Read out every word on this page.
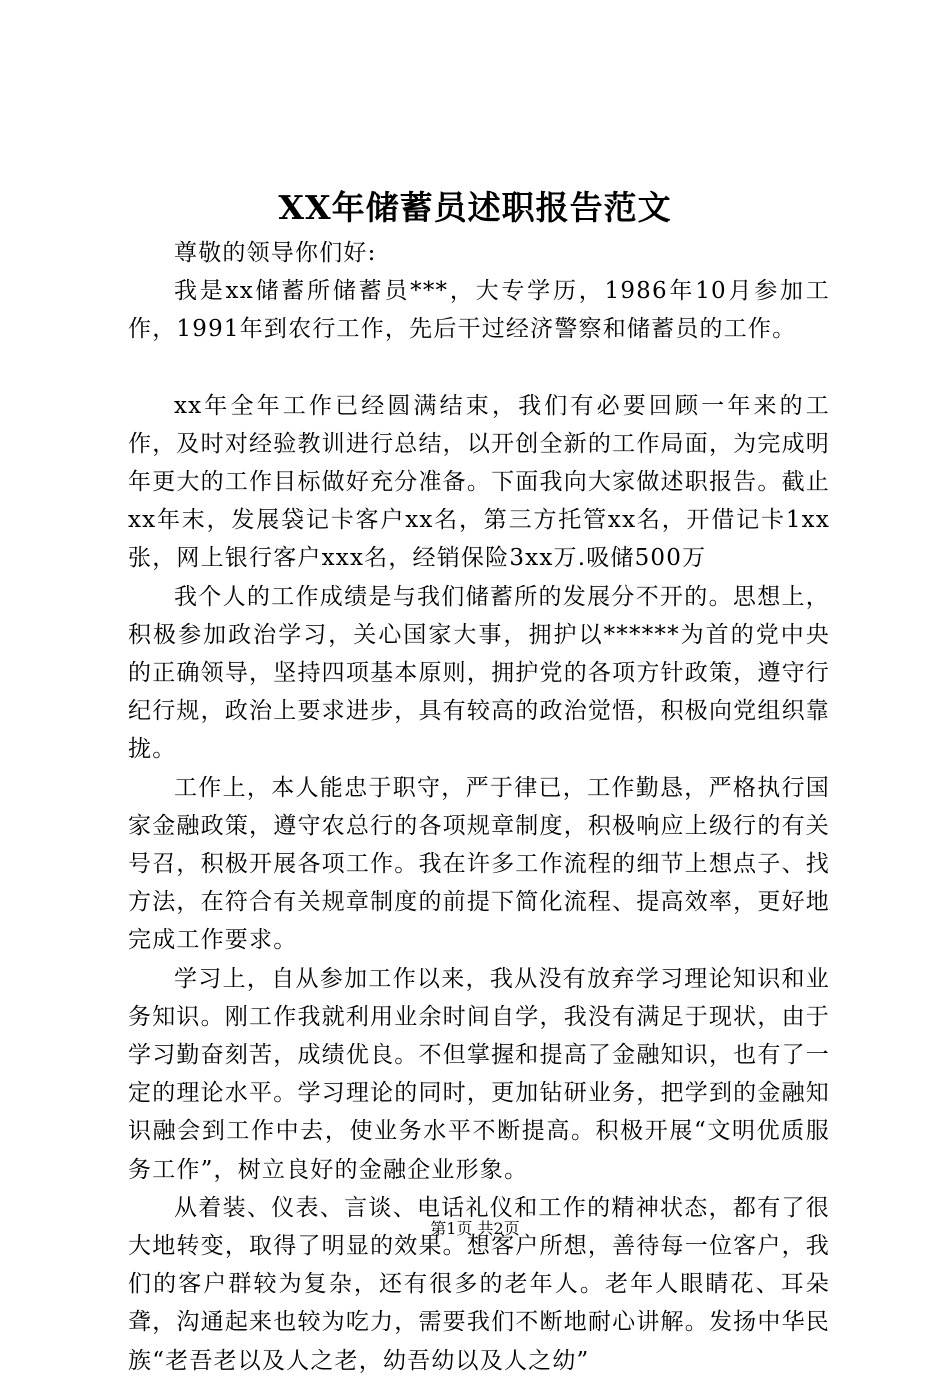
XX年储蓄员述职报告范文

尊敬的领导你们好:

我是xx储蓄所储蓄员***，大专学历，1986年10月参加工作，1991年到农行工作，先后干过经济警察和储蓄员的工作。

xx年全年工作已经圆满结束，我们有必要回顾一年来的工作，及时对经验教训进行总结，以开创全新的工作局面，为完成明年更大的工作目标做好充分准备。下面我向大家做述职报告。截止xx年末，发展袋记卡客户xx名，第三方托管xx名，开借记卡1xx张，网上银行客户xxx名，经销保险3xx万.吸储500万

我个人的工作成绩是与我们储蓄所的发展分不开的。思想上，积极参加政治学习，关心国家大事，拥护以******为首的党中央的正确领导，坚持四项基本原则，拥护党的各项方针政策，遵守行纪行规，政治上要求进步，具有较高的政治觉悟，积极向党组织靠拢。

工作上，本人能忠于职守，严于律已，工作勤恳，严格执行国家金融政策，遵守农总行的各项规章制度，积极响应上级行的有关号召，积极开展各项工作。我在许多工作流程的细节上想点子、找方法，在符合有关规章制度的前提下简化流程、提高效率，更好地完成工作要求。

学习上，自从参加工作以来，我从没有放弃学习理论知识和业务知识。刚工作我就利用业余时间自学，我没有满足于现状，由于学习勤奋刻苦，成绩优良。不但掌握和提高了金融知识，也有了一定的理论水平。学习理论的同时，更加钻研业务，把学到的金融知识融会到工作中去，使业务水平不断提高。积极开展“文明优质服务工作”，树立良好的金融企业形象。

从着装、仪表、言谈、电话礼仪和工作的精神状态，都有了很大地转变，取得了明显的效果。想客户所想，善待每一位客户，我们的客户群较为复杂，还有很多的老年人。老年人眼睛花、耳朵聋，沟通起来也较为吃力，需要我们不断地耐心讲解。发扬中华民族“老吾老以及人之老，幼吾幼以及人之幼”

第1页 共2页
